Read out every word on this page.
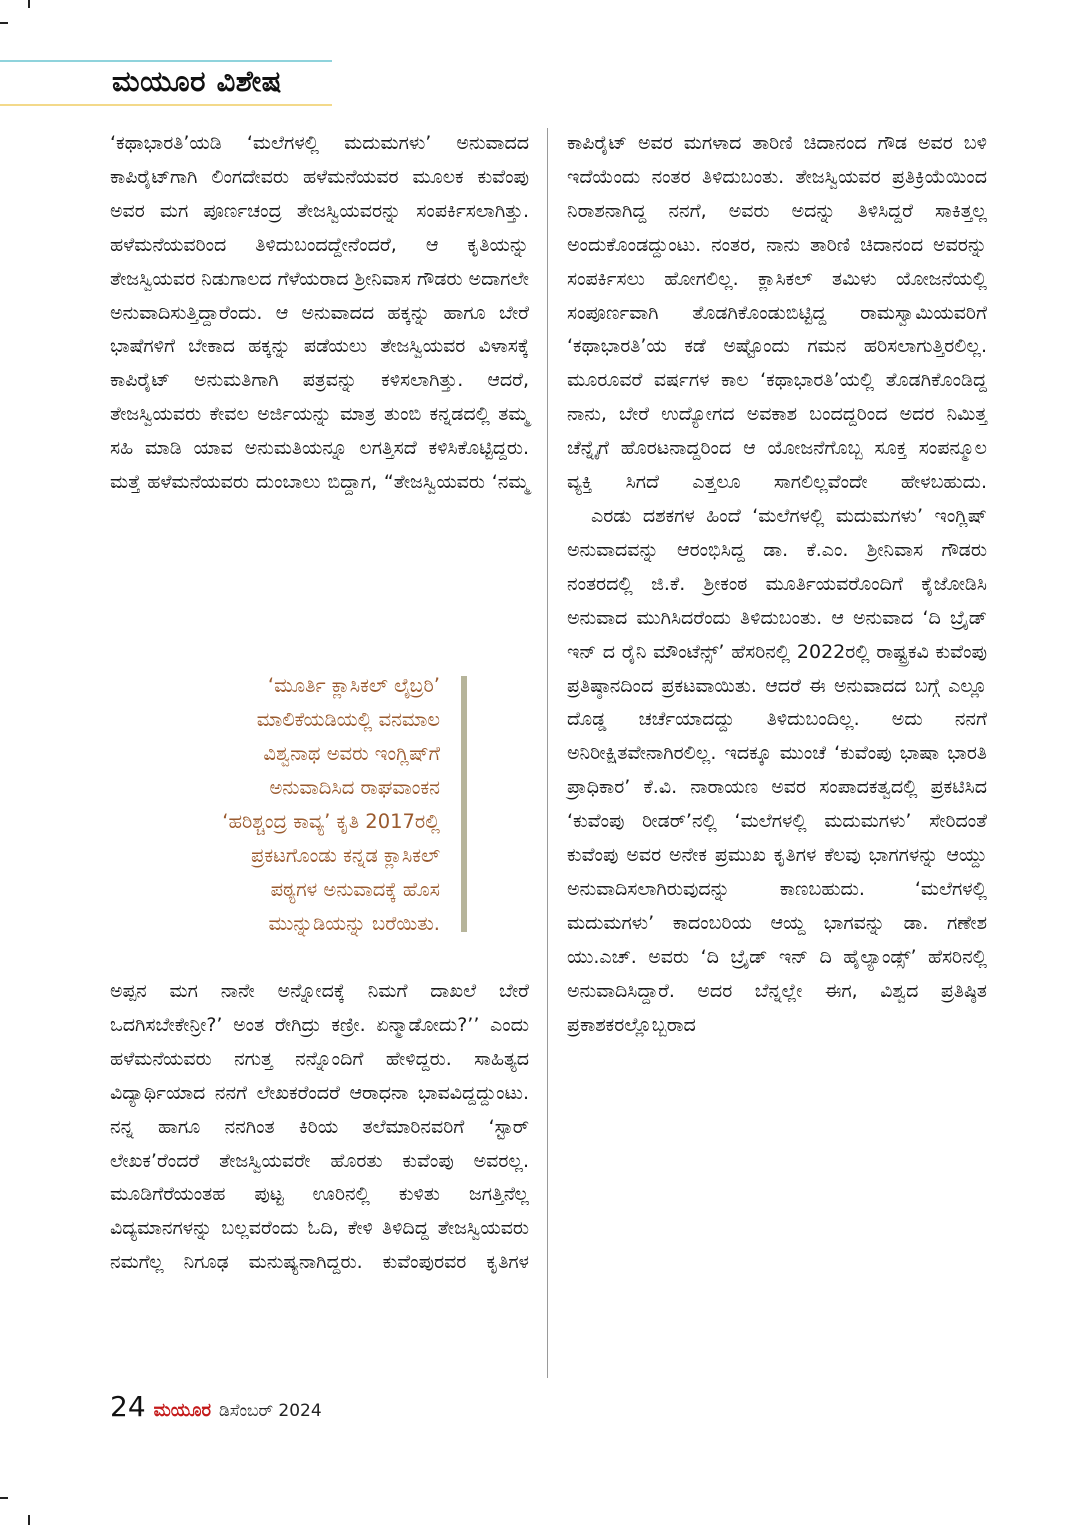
ಮಯೂರ ವಿಶೇಷ

‘ಕಥಾಭಾರತಿ’ಯಡಿ ‘ಮಲೆಗಳಲ್ಲಿ ಮದುಮಗಳು’ ಅನುವಾದದ ಕಾಪಿರೈಟ್‌ಗಾಗಿ ಲಿಂಗದೇವರು ಹಳೆಮನೆಯವರ ಮೂಲಕ ಕುವೆಂಪು ಅವರ ಮಗ ಪೂರ್ಣಚಂದ್ರ ತೇಜಸ್ವಿಯವರನ್ನು ಸಂಪರ್ಕಿಸಲಾಗಿತ್ತು. ಹಳೆಮನೆಯವರಿಂದ ತಿಳಿದುಬಂದದ್ದೇನೆಂದರೆ, ಆ ಕೃತಿಯನ್ನು ತೇಜಸ್ವಿಯವರ ನಿಡುಗಾಲದ ಗೆಳೆಯರಾದ ಶ್ರೀನಿವಾಸ ಗೌಡರು ಅದಾಗಲೇ ಅನುವಾದಿಸುತ್ತಿದ್ದಾರೆಂದು. ಆ ಅನುವಾದದ ಹಕ್ಕನ್ನು ಹಾಗೂ ಬೇರೆ ಭಾಷೆಗಳಿಗೆ ಬೇಕಾದ ಹಕ್ಕನ್ನು ಪಡೆಯಲು ತೇಜಸ್ವಿಯವರ ವಿಳಾಸಕ್ಕೆ ಕಾಪಿರೈಟ್ ಅನುಮತಿಗಾಗಿ ಪತ್ರವನ್ನು ಕಳಿಸಲಾಗಿತ್ತು. ಆದರೆ, ತೇಜಸ್ವಿಯವರು ಕೇವಲ ಅರ್ಜಿಯನ್ನು ಮಾತ್ರ ತುಂಬಿ ಕನ್ನಡದಲ್ಲಿ ತಮ್ಮ ಸಹಿ ಮಾಡಿ ಯಾವ ಅನುಮತಿಯನ್ನೂ ಲಗತ್ತಿಸದೆ ಕಳಿಸಿಕೊಟ್ಟಿದ್ದರು. ಮತ್ತೆ ಹಳೆಮನೆಯವರು ದುಂಬಾಲು ಬಿದ್ದಾಗ, “ತೇಜಸ್ವಿಯವರು ‘ನಮ್ಮ

‘ಮೂರ್ತಿ ಕ್ಲಾಸಿಕಲ್ ಲೈಬ್ರರಿ’
ಮಾಲಿಕೆಯಡಿಯಲ್ಲಿ ವನಮಾಲ
ವಿಶ್ವನಾಥ ಅವರು ಇಂಗ್ಲಿಷ್‌ಗೆ
ಅನುವಾದಿಸಿದ ರಾಘವಾಂಕನ
‘ಹರಿಶ್ಚಂದ್ರ ಕಾವ್ಯ’ ಕೃತಿ 2017ರಲ್ಲಿ
ಪ್ರಕಟಗೊಂಡು ಕನ್ನಡ ಕ್ಲಾಸಿಕಲ್
ಪಠ್ಯಗಳ ಅನುವಾದಕ್ಕೆ ಹೊಸ
ಮುನ್ನುಡಿಯನ್ನು ಬರೆಯಿತು.

ಅಪ್ಪನ ಮಗ ನಾನೇ ಅನ್ನೋದಕ್ಕೆ ನಿಮಗೆ ದಾಖಲೆ ಬೇರೆ ಒದಗಿಸಬೇಕೇನ್ರೀ?’ ಅಂತ ರೇಗಿದ್ರು ಕಣ್ರೀ. ಏನ್ಮಾಡೋದು?’’ ಎಂದು ಹಳೆಮನೆಯವರು ನಗುತ್ತ ನನ್ನೊಂದಿಗೆ ಹೇಳಿದ್ದರು. ಸಾಹಿತ್ಯದ ವಿದ್ಯಾರ್ಥಿಯಾದ ನನಗೆ ಲೇಖಕರೆಂದರೆ ಆರಾಧನಾ ಭಾವವಿದ್ದದ್ದುಂಟು. ನನ್ನ ಹಾಗೂ ನನಗಿಂತ ಕಿರಿಯ ತಲೆಮಾರಿನವರಿಗೆ ‘ಸ್ಟಾರ್ ಲೇಖಕ’ರೆಂದರೆ ತೇಜಸ್ವಿಯವರೇ ಹೊರತು ಕುವೆಂಪು ಅವರಲ್ಲ. ಮೂಡಿಗೆರೆಯಂತಹ ಪುಟ್ಟ ಊರಿನಲ್ಲಿ ಕುಳಿತು ಜಗತ್ತಿನೆಲ್ಲ ವಿದ್ಯಮಾನಗಳನ್ನು ಬಲ್ಲವರೆಂದು ಓದಿ, ಕೇಳಿ ತಿಳಿದಿದ್ದ ತೇಜಸ್ವಿಯವರು ನಮಗೆಲ್ಲ ನಿಗೂಢ ಮನುಷ್ಯನಾಗಿದ್ದರು. ಕುವೆಂಪುರವರ ಕೃತಿಗಳ

ಕಾಪಿರೈಟ್ ಅವರ ಮಗಳಾದ ತಾರಿಣಿ ಚಿದಾನಂದ ಗೌಡ ಅವರ ಬಳಿ ಇದೆಯೆಂದು ನಂತರ ತಿಳಿದುಬಂತು. ತೇಜಸ್ವಿಯವರ ಪ್ರತಿಕ್ರಿಯೆಯಿಂದ ನಿರಾಶನಾಗಿದ್ದ ನನಗೆ, ಅವರು ಅದನ್ನು ತಿಳಿಸಿದ್ದರೆ ಸಾಕಿತ್ತಲ್ಲ ಅಂದುಕೊಂಡದ್ದುಂಟು. ನಂತರ, ನಾನು ತಾರಿಣಿ ಚಿದಾನಂದ ಅವರನ್ನು ಸಂಪರ್ಕಿಸಲು ಹೋಗಲಿಲ್ಲ. ಕ್ಲಾಸಿಕಲ್ ತಮಿಳು ಯೋಜನೆಯಲ್ಲಿ ಸಂಪೂರ್ಣವಾಗಿ ತೊಡಗಿಕೊಂಡುಬಿಟ್ಟಿದ್ದ ರಾಮಸ್ವಾಮಿಯವರಿಗೆ ‘ಕಥಾಭಾರತಿ’ಯ ಕಡೆ ಅಷ್ಟೊಂದು ಗಮನ ಹರಿಸಲಾಗುತ್ತಿರಲಿಲ್ಲ. ಮೂರೂವರೆ ವರ್ಷಗಳ ಕಾಲ ‘ಕಥಾಭಾರತಿ’ಯಲ್ಲಿ ತೊಡಗಿಕೊಂಡಿದ್ದ ನಾನು, ಬೇರೆ ಉದ್ಯೋಗದ ಅವಕಾಶ ಬಂದದ್ದರಿಂದ ಅದರ ನಿಮಿತ್ತ ಚೆನ್ನೈಗೆ ಹೊರಟನಾದ್ದರಿಂದ ಆ ಯೋಜನೆಗೊಬ್ಬ ಸೂಕ್ತ ಸಂಪನ್ಮೂಲ ವ್ಯಕ್ತಿ ಸಿಗದೆ ಎತ್ತಲೂ ಸಾಗಲಿಲ್ಲವೆಂದೇ ಹೇಳಬಹುದು.
ಎರಡು ದಶಕಗಳ ಹಿಂದೆ ‘ಮಲೆಗಳಲ್ಲಿ ಮದುಮಗಳು’ ಇಂಗ್ಲಿಷ್ ಅನುವಾದವನ್ನು ಆರಂಭಿಸಿದ್ದ ಡಾ. ಕೆ.ಎಂ. ಶ್ರೀನಿವಾಸ ಗೌಡರು ನಂತರದಲ್ಲಿ ಜಿ.ಕೆ. ಶ್ರೀಕಂಠ ಮೂರ್ತಿಯವರೊಂದಿಗೆ ಕೈಜೋಡಿಸಿ ಅನುವಾದ ಮುಗಿಸಿದರೆಂದು ತಿಳಿದುಬಂತು. ಆ ಅನುವಾದ ‘ದಿ ಬ್ರೈಡ್ ಇನ್ ದ ರೈನಿ ಮೌಂಟೆನ್ಸ್’ ಹೆಸರಿನಲ್ಲಿ 2022ರಲ್ಲಿ ರಾಷ್ಟ್ರಕವಿ ಕುವೆಂಪು ಪ್ರತಿಷ್ಠಾನದಿಂದ ಪ್ರಕಟವಾಯಿತು. ಆದರೆ ಈ ಅನುವಾದದ ಬಗ್ಗೆ ಎಲ್ಲೂ ದೊಡ್ಡ ಚರ್ಚೆಯಾದದ್ದು ತಿಳಿದುಬಂದಿಲ್ಲ. ಅದು ನನಗೆ ಅನಿರೀಕ್ಷಿತವೇನಾಗಿರಲಿಲ್ಲ. ಇದಕ್ಕೂ ಮುಂಚೆ ‘ಕುವೆಂಪು ಭಾಷಾ ಭಾರತಿ ಪ್ರಾಧಿಕಾರ’ ಕೆ.ವಿ. ನಾರಾಯಣ ಅವರ ಸಂಪಾದಕತ್ವದಲ್ಲಿ ಪ್ರಕಟಿಸಿದ ‘ಕುವೆಂಪು ರೀಡರ್’ನಲ್ಲಿ ‘ಮಲೆಗಳಲ್ಲಿ ಮದುಮಗಳು’ ಸೇರಿದಂತೆ ಕುವೆಂಪು ಅವರ ಅನೇಕ ಪ್ರಮುಖ ಕೃತಿಗಳ ಕೆಲವು ಭಾಗಗಳನ್ನು ಆಯ್ದು ಅನುವಾದಿಸಲಾಗಿರುವುದನ್ನು ಕಾಣಬಹುದು. ‘ಮಲೆಗಳಲ್ಲಿ ಮದುಮಗಳು’ ಕಾದಂಬರಿಯ ಆಯ್ದ ಭಾಗವನ್ನು ಡಾ. ಗಣೇಶ ಯು.ಎಚ್. ಅವರು ‘ದಿ ಬ್ರೈಡ್ ಇನ್ ದಿ ಹೈಲ್ಯಾಂಡ್ಸ್’ ಹೆಸರಿನಲ್ಲಿ ಅನುವಾದಿಸಿದ್ದಾರೆ. ಅದರ ಬೆನ್ನಲ್ಲೇ ಈಗ, ವಿಶ್ವದ ಪ್ರತಿಷ್ಠಿತ ಪ್ರಕಾಶಕರಲ್ಲೊಬ್ಬರಾದ
24 ಮಯೂರ ಡಿಸೆಂಬರ್ 2024
